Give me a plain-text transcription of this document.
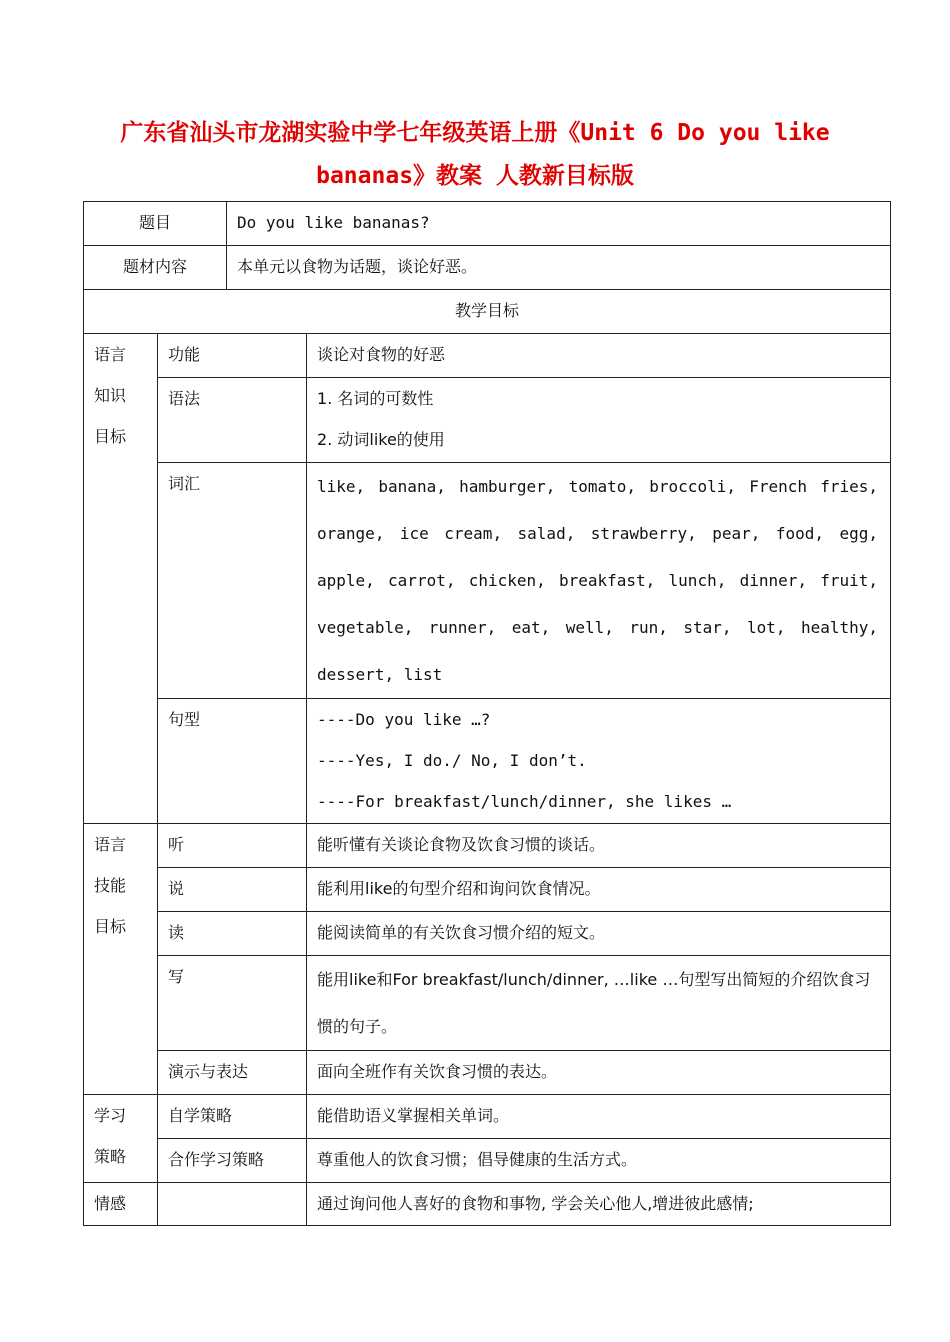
广东省汕头市龙湖实验中学七年级英语上册《Unit 6 Do you like
bananas》教案 人教新目标版
题目		Do you like bananas?	

题材内容		本单元以食物为话题，谈论好恶。	

教学目标			

语言
知识
目标	功能		谈论对食物的好恶

	语法		1. 名词的可数性
2. 动词like的使用

	词汇		like, banana, hamburger, tomato, broccoli, French fries, orange, ice cream, salad, strawberry, pear, food, egg, apple, carrot, chicken, breakfast, lunch, dinner, fruit, vegetable, runner, eat, well, run, star, lot, healthy, dessert, list

	句型		----Do you like …?
----Yes, I do./ No, I don’t.
----For breakfast/lunch/dinner, she likes …

语言
技能
目标	听		能听懂有关谈论食物及饮食习惯的谈话。

	说		能利用like的句型介绍和询问饮食情况。

	读		能阅读简单的有关饮食习惯介绍的短文。

	写		能用like和For breakfast/lunch/dinner, …like …句型写出简短的介绍饮食习惯的句子。

	演示与表达		面向全班作有关饮食习惯的表达。

学习
策略	自学策略		能借助语义掌握相关单词。

	合作学习策略		尊重他人的饮食习惯；倡导健康的生活方式。

情感			通过询问他人喜好的食物和事物, 学会关心他人,增进彼此感情;
